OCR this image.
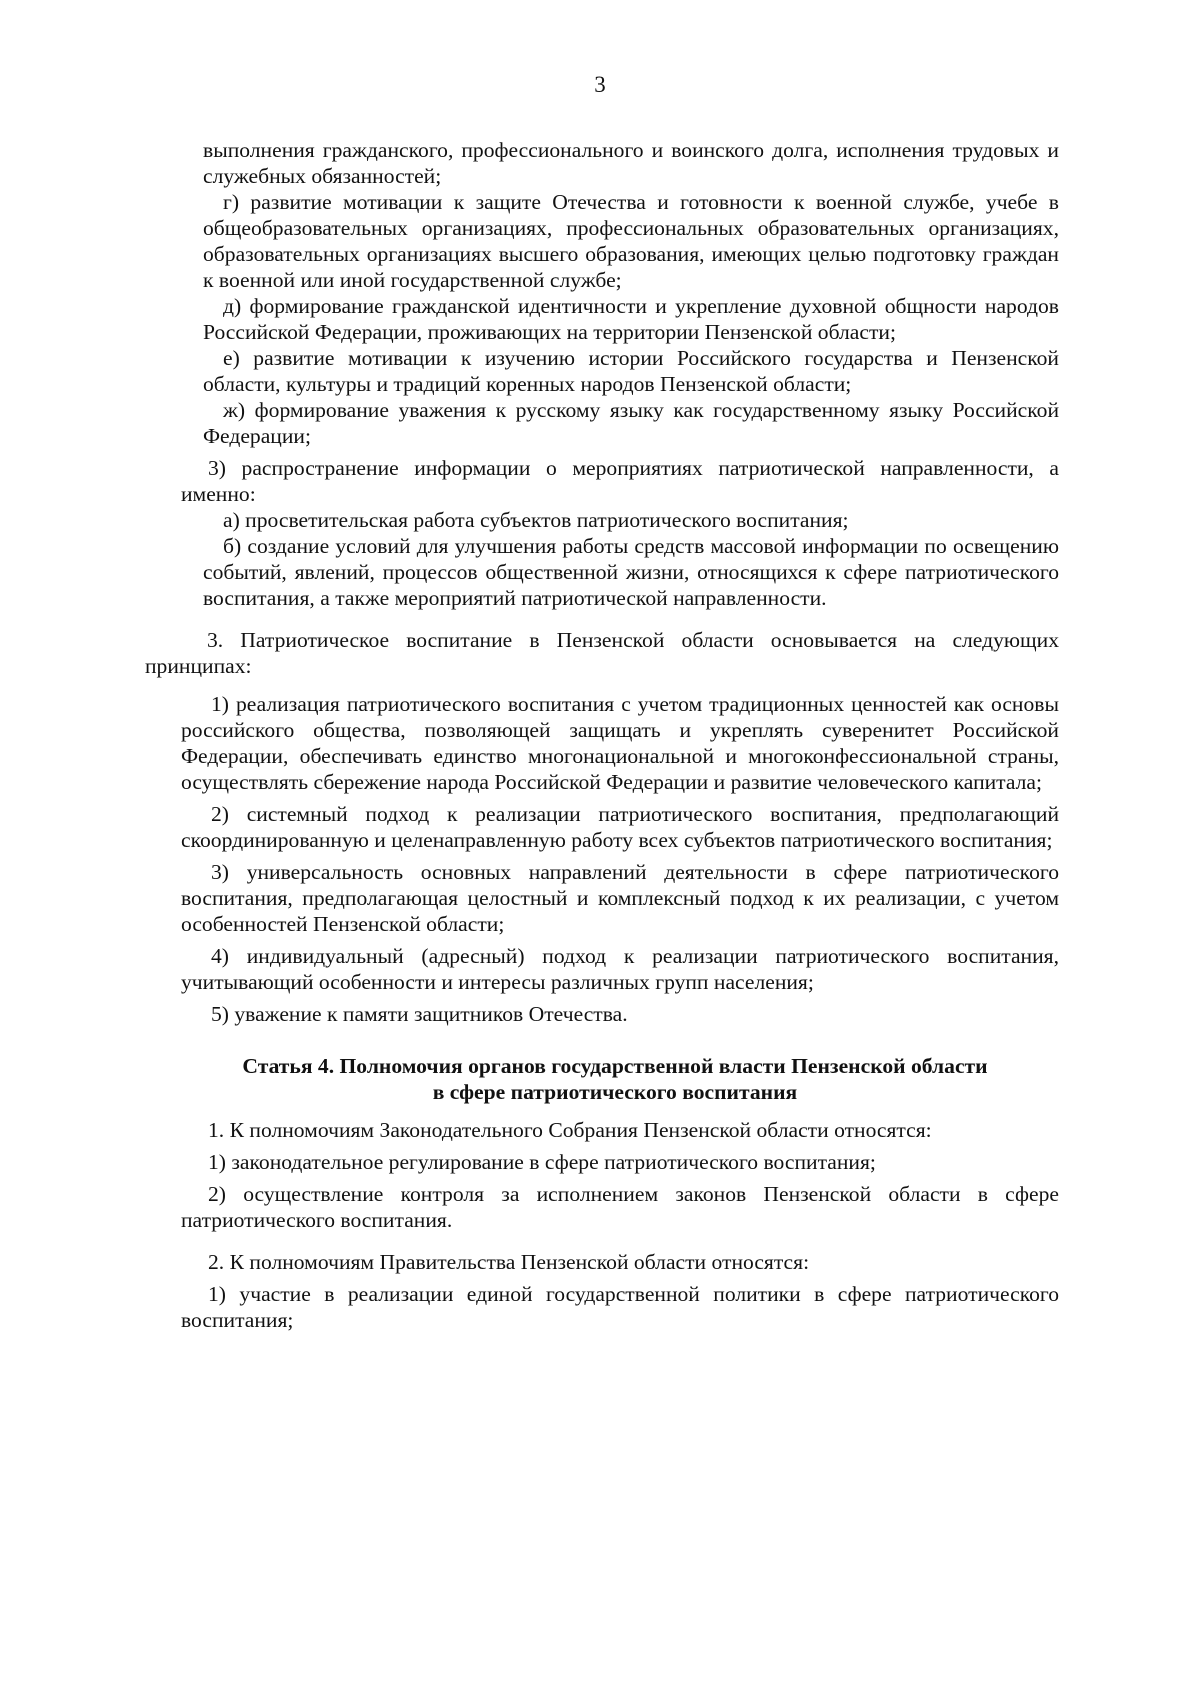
3

выполнения гражданского, профессионального и воинского долга, исполнения трудовых и служебных обязанностей;

г) развитие мотивации к защите Отечества и готовности к военной службе, учебе в общеобразовательных организациях, профессиональных образовательных организациях, образовательных организациях высшего образования, имеющих целью подготовку граждан к военной или иной государственной службе;

д) формирование гражданской идентичности и укрепление духовной общности народов Российской Федерации, проживающих на территории Пензенской области;

е) развитие мотивации к изучению истории Российского государства и Пензенской области, культуры и традиций коренных народов Пензенской области;

ж) формирование уважения к русскому языку как государственному языку Российской Федерации;

3) распространение информации о мероприятиях патриотической направленности, а именно:

а) просветительская работа субъектов патриотического воспитания;

б) создание условий для улучшения работы средств массовой информации по освещению событий, явлений, процессов общественной жизни, относящихся к сфере патриотического воспитания, а также мероприятий патриотической направленности.

3. Патриотическое воспитание в Пензенской области основывается на следующих принципах:

1) реализация патриотического воспитания с учетом традиционных ценностей как основы российского общества, позволяющей защищать и укреплять суверенитет Российской Федерации, обеспечивать единство многонациональной и многоконфессиональной страны, осуществлять сбережение народа Российской Федерации и развитие человеческого капитала;

2) системный подход к реализации патриотического воспитания, предполагающий скоординированную и целенаправленную работу всех субъектов патриотического воспитания;

3) универсальность основных направлений деятельности в сфере патриотического воспитания, предполагающая целостный и комплексный подход к их реализации, с учетом особенностей Пензенской области;

4) индивидуальный (адресный) подход к реализации патриотического воспитания, учитывающий особенности и интересы различных групп населения;

5) уважение к памяти защитников Отечества.

Статья 4. Полномочия органов государственной власти Пензенской области

в сфере патриотического воспитания

1. К полномочиям Законодательного Собрания Пензенской области относятся:

1) законодательное регулирование в сфере патриотического воспитания;

2) осуществление контроля за исполнением законов Пензенской области в сфере патриотического воспитания.

2. К полномочиям Правительства Пензенской области относятся:

1) участие в реализации единой государственной политики в сфере патриотического воспитания;
